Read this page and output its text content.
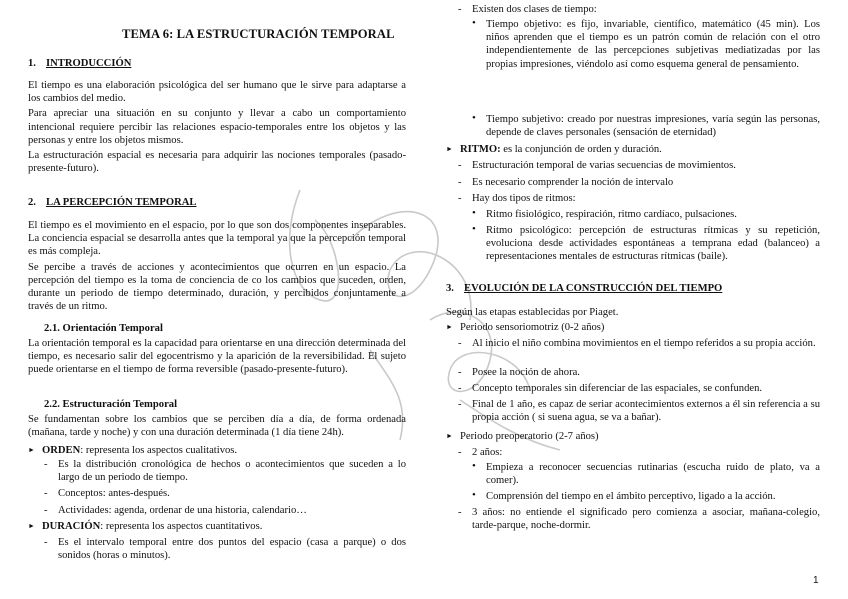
TEMA 6: LA ESTRUCTURACIÓN TEMPORAL
1. INTRODUCCIÓN

El tiempo es una elaboración psicológica del ser humano que le sirve para adaptarse a los cambios del medio.

Para apreciar una situación en su conjunto y llevar a cabo un comportamiento intencional requiere percibir las relaciones espacio-temporales entre los objetos y las personas y entre los objetos mismos.

La estructuración espacial es necesaria para adquirir las nociones temporales (pasado-presente-futuro).

2. LA PERCEPCIÓN TEMPORAL

El tiempo es el movimiento en el espacio, por lo que son dos componentes inseparables. La conciencia espacial se desarrolla antes que la temporal ya que la percepción temporal es más compleja.

Se percibe a través de acciones y acontecimientos que ocurren en un espacio. La percepción del tiempo es la toma de conciencia de co los cambios que suceden, orden, durante un periodo de tiempo determinado, duración, y percibidos conjuntamente a través de un ritmo.

2.1. Orientación Temporal

La orientación temporal es la capacidad para orientarse en una dirección determinada del tiempo, es necesario salir del egocentrismo y la aparición de la reversibilidad. El sujeto puede orientarse en el tiempo de forma reversible (pasado-presente-futuro).

2.2. Estructuración Temporal

Se fundamentan sobre los cambios que se perciben día a día, de forma ordenada (mañana, tarde y noche) y con una duración determinada (1 día tiene 24h).

► ORDEN: representa los aspectos cualitativos.
- Es la distribución cronológica de hechos o acontecimientos que suceden a lo largo de un periodo de tiempo.
- Conceptos: antes-después.
- Actividades: agenda, ordenar de una historia, calendario…
► DURACIÓN: representa los aspectos cuantitativos.
- Es el intervalo temporal entre dos puntos del espacio (casa a parque) o dos sonidos (horas o minutos).
- Existen dos clases de tiempo:
• Tiempo objetivo: es fijo, invariable, científico, matemático (45 min). Los niños aprenden que el tiempo es un patrón común de relación con el otro independientemente de las percepciones subjetivas mediatizadas por las propias impresiones, viéndolo así como esquema general de pensamiento.
• Tiempo subjetivo: creado por nuestras impresiones, varía según las personas, depende de claves personales (sensación de eternidad)
► RITMO: es la conjunción de orden y duración.
- Estructuración temporal de varias secuencias de movimientos.
- Es necesario comprender la noción de intervalo
- Hay dos tipos de ritmos:
• Ritmo fisiológico, respiración, ritmo cardíaco, pulsaciones.
• Ritmo psicológico: percepción de estructuras rítmicas y su repetición, evoluciona desde actividades espontáneas a temprana edad (balanceo) a representaciones mentales de estructuras rítmicas (baile).
3. EVOLUCIÓN DE LA CONSTRUCCIÓN DEL TIEMPO
Según las etapas establecidas por Piaget.
► Periodo sensoriomotriz (0-2 años)
- Al inicio el niño combina movimientos en el tiempo referidos a su propia acción.
- Posee la noción de ahora.
- Concepto temporales sin diferenciar de las espaciales, se confunden.
- Final de 1 año, es capaz de seriar acontecimientos externos a él sin referencia a su propia acción ( si suena agua, se va a bañar).
► Periodo preoperatorio (2-7 años)
- 2 años:
• Empieza a reconocer secuencias rutinarias (escucha ruido de plato, va a comer).
• Comprensión del tiempo en el ámbito perceptivo, ligado a la acción.
- 3 años: no entiende el significado pero comienza a asociar, mañana-colegio, tarde-parque, noche-dormir.
1
